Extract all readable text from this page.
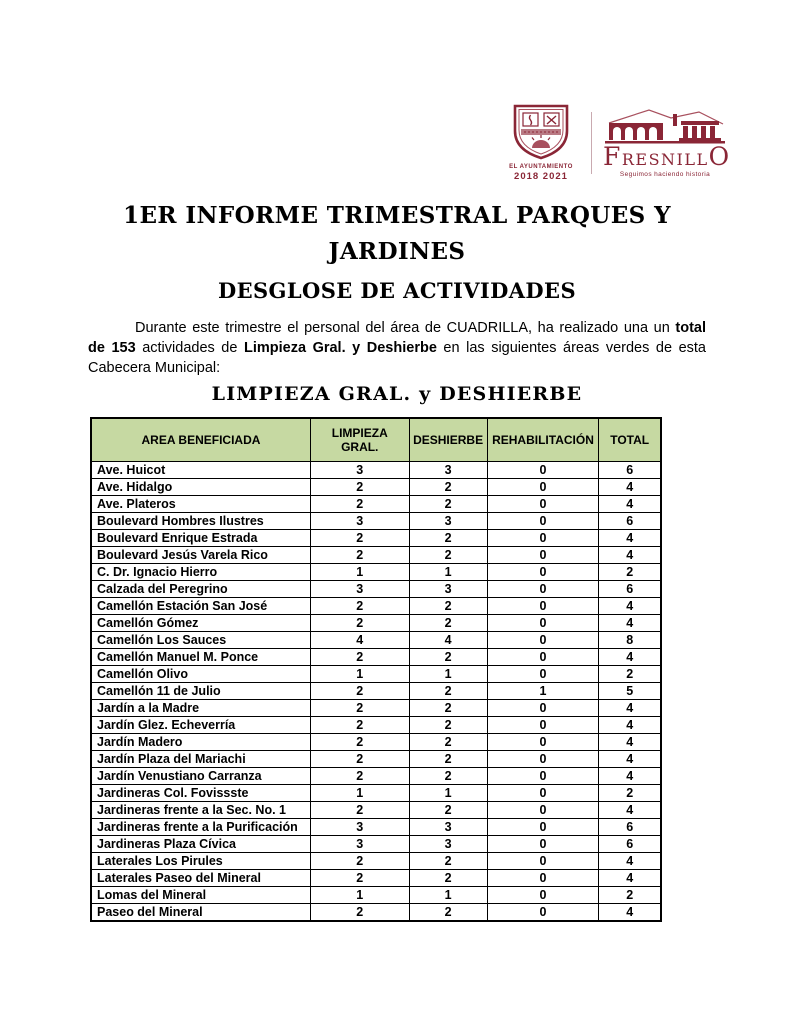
EL AYUNTAMIENTO
2018 2021
FRESNILLO
Seguimos haciendo historia
1ER INFORME TRIMESTRAL PARQUES Y
JARDINES
DESGLOSE DE ACTIVIDADES

Durante este trimestre el personal del área de CUADRILLA, ha realizado una un total de 153 actividades de Limpieza Gral. y Deshierbe en las siguientes áreas verdes de esta Cabecera Municipal:

LIMPIEZA GRAL. y DESHIERBE
AREA BENEFICIADA	LIMPIEZA GRAL.	DESHIERBE	REHABILITACIÓN	TOTAL
Ave. Huicot	3	3	0	6
Ave. Hidalgo	2	2	0	4
Ave. Plateros	2	2	0	4
Boulevard Hombres Ilustres	3	3	0	6
Boulevard Enrique Estrada	2	2	0	4
Boulevard Jesús Varela Rico	2	2	0	4
C. Dr. Ignacio Hierro	1	1	0	2
Calzada del Peregrino	3	3	0	6
Camellón Estación San José	2	2	0	4
Camellón Gómez	2	2	0	4
Camellón Los Sauces	4	4	0	8
Camellón Manuel M. Ponce	2	2	0	4
Camellón Olivo	1	1	0	2
Camellón 11 de Julio	2	2	1	5
Jardín a la Madre	2	2	0	4
Jardín Glez. Echeverría	2	2	0	4
Jardín Madero	2	2	0	4
Jardín Plaza del Mariachi	2	2	0	4
Jardín Venustiano Carranza	2	2	0	4
Jardineras Col. Fovissste	1	1	0	2
Jardineras frente a la Sec. No. 1	2	2	0	4
Jardineras frente a la Purificación	3	3	0	6
Jardineras Plaza Cívica	3	3	0	6
Laterales Los Pirules	2	2	0	4
Laterales Paseo del Mineral	2	2	0	4
Lomas del Mineral	1	1	0	2
Paseo del Mineral	2	2	0	4
